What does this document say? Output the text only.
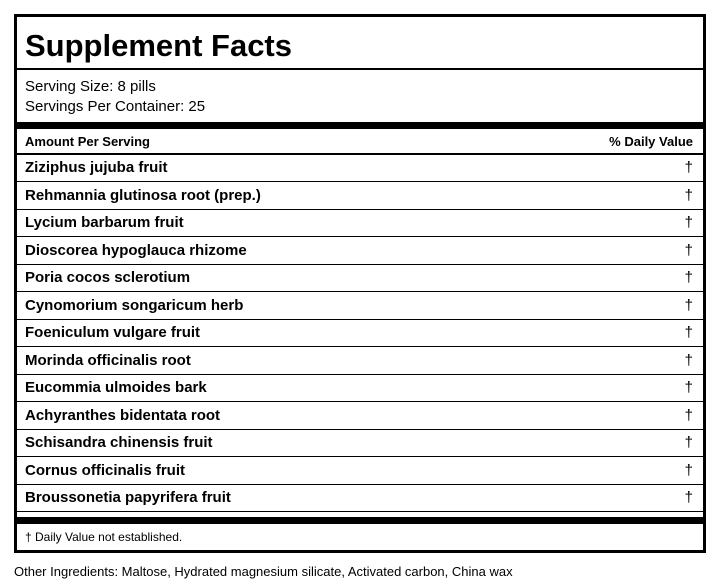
Supplement Facts
Serving Size: 8 pills
Servings Per Container: 25
Amount Per Serving	% Daily Value
Ziziphus jujuba fruit	†
Rehmannia glutinosa root (prep.)	†
Lycium barbarum fruit	†
Dioscorea hypoglauca rhizome	†
Poria cocos sclerotium	†
Cynomorium songaricum herb	†
Foeniculum vulgare fruit	†
Morinda officinalis root	†
Eucommia ulmoides bark	†
Achyranthes bidentata root	†
Schisandra chinensis fruit	†
Cornus officinalis fruit	†
Broussonetia papyrifera fruit	†
† Daily Value not established.
Other Ingredients: Maltose, Hydrated magnesium silicate, Activated carbon, China wax
